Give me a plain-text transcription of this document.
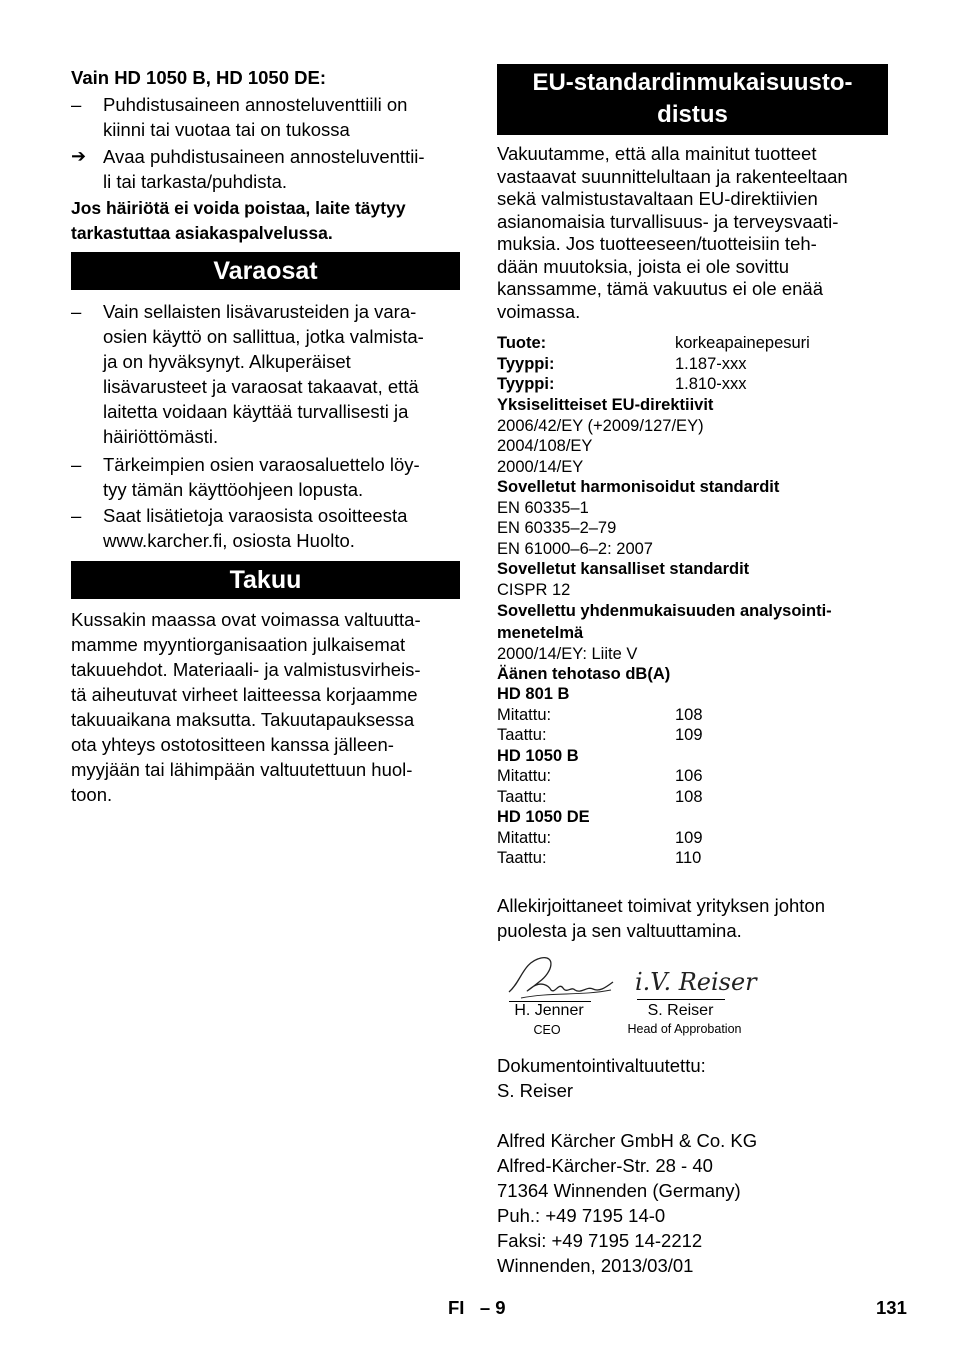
Vain HD 1050 B, HD 1050 DE:
–	Puhdistusaineen annosteluventtiili on
kiinni tai vuotaa tai on tukossa
➔ Avaa puhdistusaineen annosteluventtii-
li tai tarkasta/puhdista.
Jos häiriötä ei voida poistaa, laite täytyy
tarkastuttaa asiakaspalvelussa.
Varaosat
–	Vain sellaisten lisävarusteiden ja vara-
osien käyttö on sallittua, jotka valmista-
ja on hyväksynyt. Alkuperäiset
lisävarusteet ja varaosat takaavat, että
laitetta voidaan käyttää turvallisesti ja
häiriöttömästi.
–	Tärkeimpien osien varaosaluettelo löy-
tyy tämän käyttöohjeen lopusta.
–	Saat lisätietoja varaosista osoitteesta
www.karcher.fi, osiosta Huolto.
Takuu
Kussakin maassa ovat voimassa valtuutta-
mamme myyntiorganisaation julkaisemat
takuuehdot. Materiaali- ja valmistusvirheis-
tä aiheutuvat virheet laitteessa korjaamme
takuuaikana maksutta. Takuutapauksessa
ota yhteys ostotositteen kanssa jälleen-
myyjään tai lähimpään valtuutettuun huol-
toon.
EU-standardinmukaisuusto-
distus
Vakuutamme, että alla mainitut tuotteet
vastaavat suunnittelultaan ja rakenteeltaan
sekä valmistustavaltaan EU-direktiivien
asianomaisia turvallisuus- ja terveysvaati-
muksia. Jos tuotteeseen/tuotteisiin teh-
dään muutoksia, joista ei ole sovittu
kanssamme, tämä vakuutus ei ole enää
voimassa.
Tuote:	korkeapainepesuri
Tyyppi:	1.187-xxx
Tyyppi:	1.810-xxx
Yksiselitteiset EU-direktiivit
2006/42/EY (+2009/127/EY)
2004/108/EY
2000/14/EY
Sovelletut harmonisoidut standardit
EN 60335–1
EN 60335–2–79
EN 61000–6–2: 2007
Sovelletut kansalliset standardit
CISPR 12
Sovellettu yhdenmukaisuuden analysointi-
menetelmä
2000/14/EY: Liite V
Äänen tehotaso dB(A)
HD 801 B
Mitattu:	108
Taattu:	109
HD 1050 B
Mitattu:	106
Taattu:	108
HD 1050 DE
Mitattu:	109
Taattu:	110
Allekirjoittaneet toimivat yrityksen johton
puolesta ja sen valtuuttamina.
i.V. Reiser
H. Jenner
CEO
S. Reiser
Head of Approbation
Dokumentointivaltuutettu:
S. Reiser
Alfred Kärcher GmbH & Co. KG
Alfred-Kärcher-Str. 28 - 40
71364 Winnenden (Germany)
Puh.: +49 7195 14-0
Faksi: +49 7195 14-2212
Winnenden, 2013/03/01
FI   – 9	131
